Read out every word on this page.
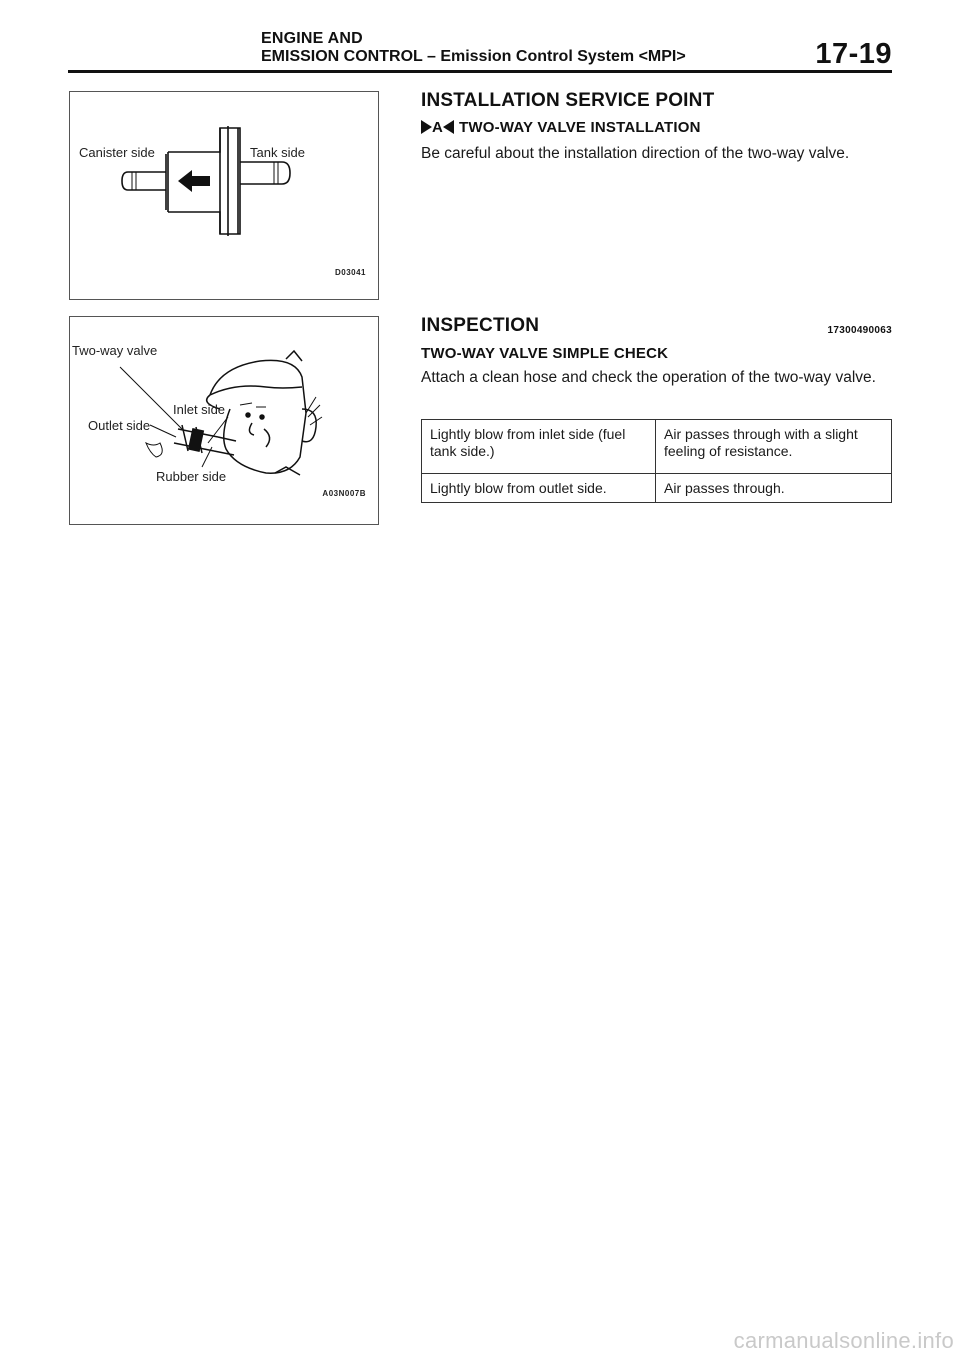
ENGINE AND
EMISSION CONTROL – Emission Control System <MPI>	17-19
Canister side	Tank side
D03041
Two-way valve
Inlet side
Outlet side
Rubber side
A03N007B
INSTALLATION SERVICE POINT
A TWO-WAY VALVE INSTALLATION
Be careful about the installation direction of the two-way valve.
INSPECTION	17300490063
TWO-WAY VALVE SIMPLE CHECK
Attach a clean hose and check the operation of the two-way valve.
Lightly blow from inlet side (fuel tank side.)	Air passes through with a slight feeling of resistance.
Lightly blow from outlet side.	Air passes through.
carmanualsonline.info
